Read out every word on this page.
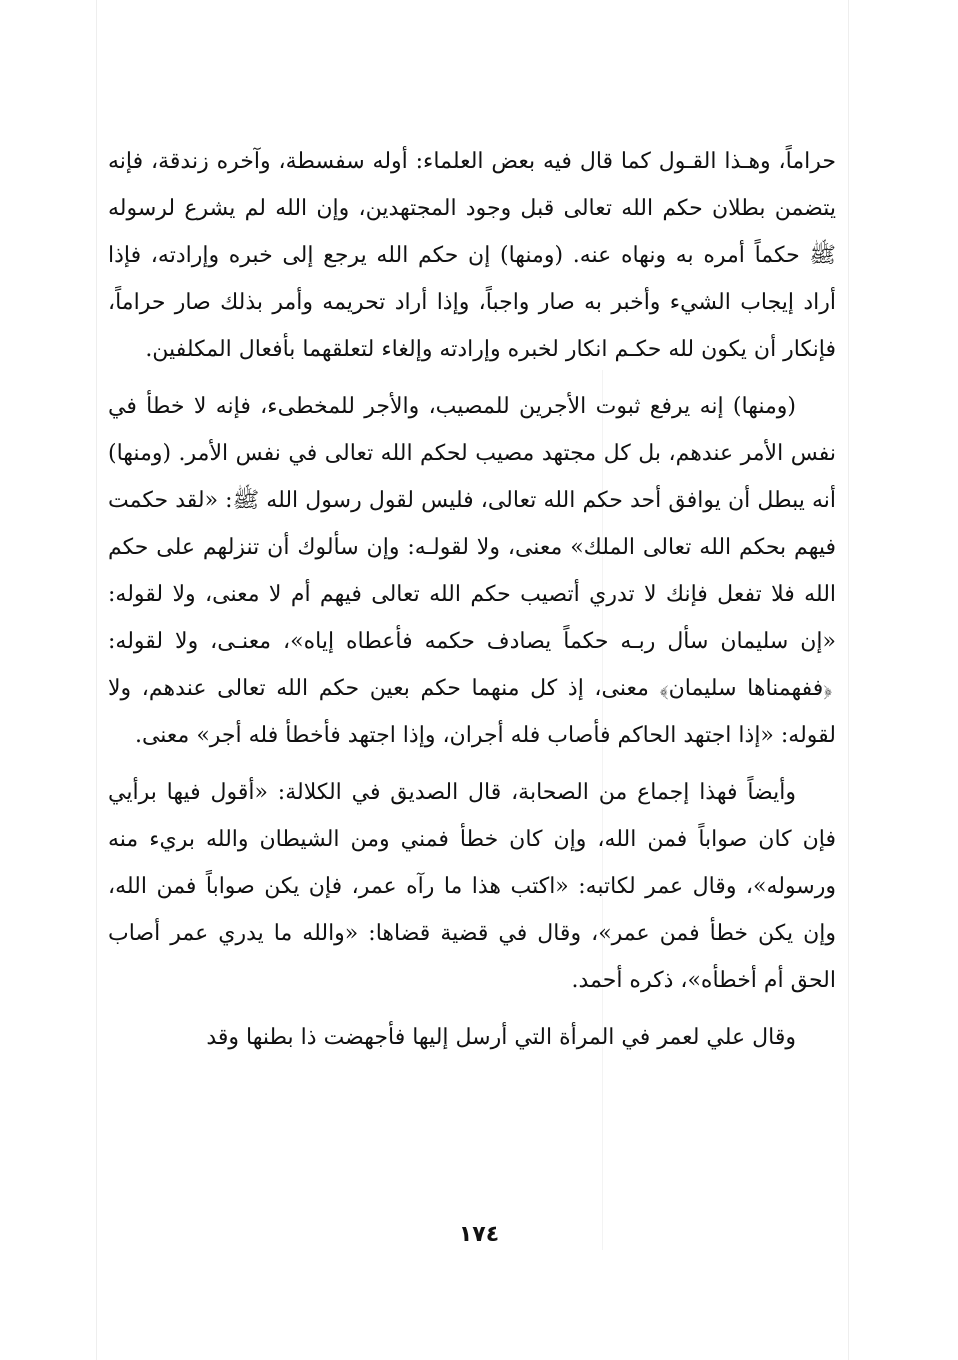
حراماً، وهـذا القـول كما قال فيه بعض العلماء: أوله سفسطة، وآخره زندقة، فإنه يتضمن بطلان حكم الله تعالى قبل وجود المجتهدين، وإن الله لم يشرع لرسوله ﷺ حكماً أمره به ونهاه عنه. (ومنها) إن حكم الله يرجع إلى خبره وإرادته، فإذا أراد إيجاب الشيء وأخبر به صار واجباً، وإذا أراد تحريمه وأمر بذلك صار حراماً، فإنكار أن يكون لله حكـم انكار لخبره وإرادته وإلغاء لتعلقهما بأفعال المكلفين.

(ومنها) إنه يرفع ثبوت الأجرين للمصيب، والأجر للمخطىء، فإنه لا خطأ في نفس الأمر عندهم، بل كل مجتهد مصيب لحكم الله تعالى في نفس الأمر. (ومنها) أنه يبطل أن يوافق أحد حكم الله تعالى، فليس لقول رسول الله ﷺ: «لقد حكمت فيهم بحكم الله تعالى الملك» معنى، ولا لقولـه: وإن سألوك أن تنزلهم على حكم الله فلا تفعل فإنك لا تدري أتصيب حكم الله تعالى فيهم أم لا معنى، ولا لقوله: «إن سليمان سأل ربـه حكماً يصادف حكمه فأعطاه إياه»، معنـى، ولا لقوله: ﴿ففهمناها سليمان﴾ معنى، إذ كل منهما حكم بعين حكم الله تعالى عندهم، ولا لقوله: «إذا اجتهد الحاكم فأصاب فله أجران، وإذا اجتهد فأخطأ فله أجر» معنى.

وأيضاً فهذا إجماع من الصحابة، قال الصديق في الكلالة: «أقول فيها برأيي فإن كان صواباً فمن الله، وإن كان خطأ فمني ومن الشيطان والله بريء منه ورسوله»، وقال عمر لكاتبه: «اكتب هذا ما رآه عمر، فإن يكن صواباً فمن الله، وإن يكن خطأ فمن عمر»، وقال في قضية قضاها: «والله ما يدري عمر أصاب الحق أم أخطأه»، ذكره أحمد.

وقال علي لعمر في المرأة التي أرسل إليها فأجهضت ذا بطنها وقد

١٧٤
